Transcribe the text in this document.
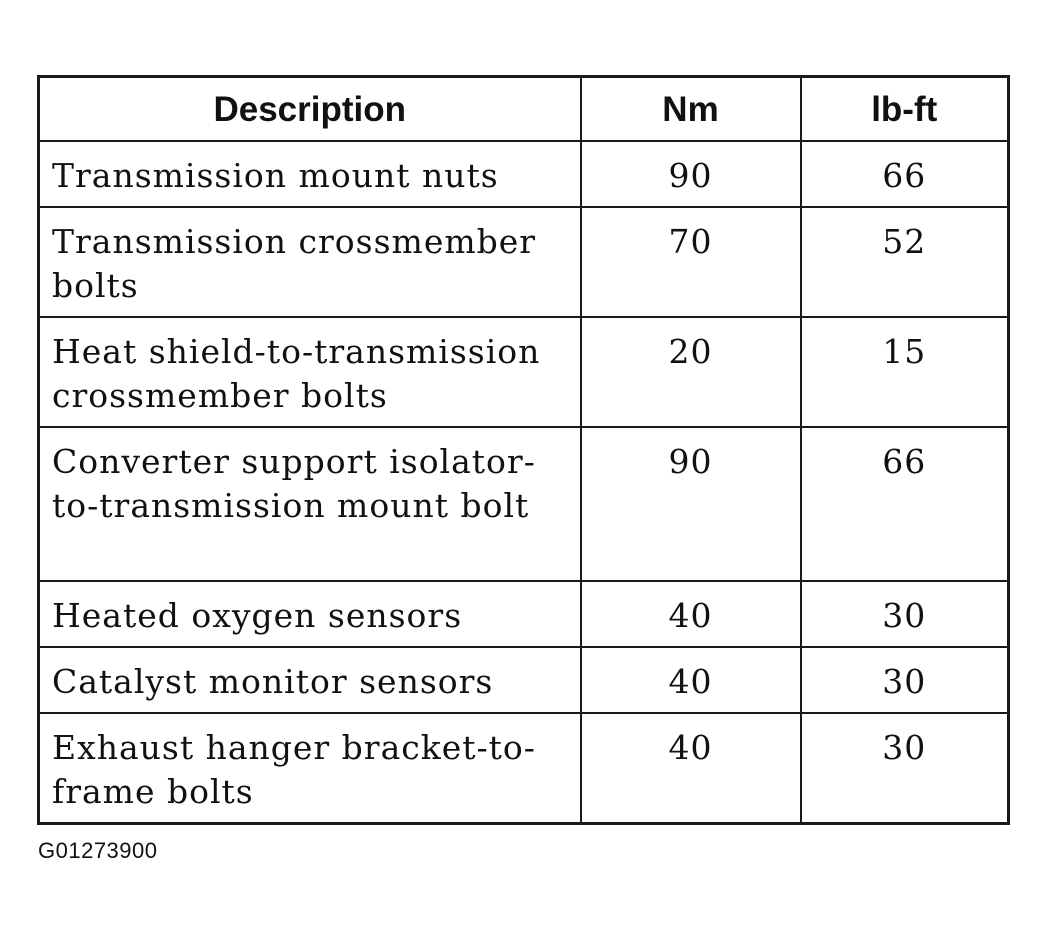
Description	Nm	lb-ft
Transmission mount nuts	90	66
Transmission crossmember bolts	70	52
Heat shield-to-transmission crossmember bolts	20	15
Converter support isolator-to-transmission mount bolt	90	66
Heated oxygen sensors	40	30
Catalyst monitor sensors	40	30
Exhaust hanger bracket-to-frame bolts	40	30
G01273900
